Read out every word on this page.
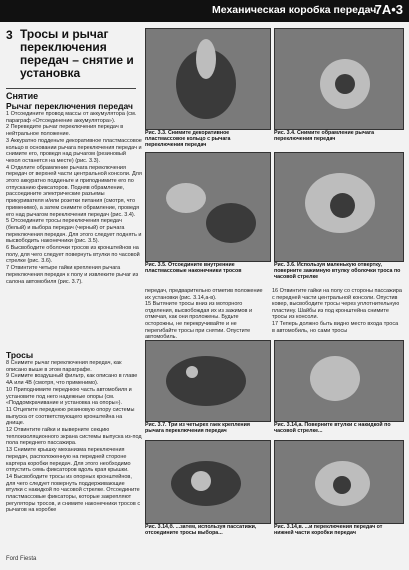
Механическая коробка передач
7А•3
3 Тросы и рычаг переключения передач – снятие и установка
Снятие
Рычаг переключения передач

1 Отсоедините провод массы от аккумулятора (см. параграф «Отсоединение аккумулятора»).

2 Переведите рычаг переключения передач в нейтральное положение.

3 Аккуратно подденьте декоративное пластмассовое кольцо в основании рычага переключения передач и снимите его, проведя над рычагом (резиновый чехол останется на месте) (рис. 3.3).

4 Отделите обрамление рычага переключения передач от верхней части центральной консоли. Для этого аккуратно подденьте и приподнимите его по отпусканию фиксаторов. Подняв обрамление, рассоедините электрические разъемы прикуривателя и/или розетки питания (смотря, что применимо), а затем снимите обрамление, проведя его над рычагом переключения передач (рис. 3.4).

5 Отсоедините тросы переключения передач (белый) и выбора передач (черный) от рычага переключения передач. Для этого следует поднять и высвободить наконечники (рис. 3.5).

6 Высвободите оболочки тросов из кронштейнов на полу, для чего следует повернуть втулки по часовой стрелке (рис. 3.6).

7 Отвинтите четыре гайки крепления рычага переключения передач к полу и извлеките рычаг из салона автомобиля (рис. 3.7).

Тросы

8 Снимите рычаг переключения передач, как описано выше в этом параграфе.

9 Снимите воздушный фильтр, как описано в главе 4А или 4В (смотря, что применимо).

10 Приподнимите переднюю часть автомобиля и установите под него надежные опоры (см. «Поддомкрачивание и установка на опоры»).

11 Отцепите переднюю резиновую опору системы выпуска от соответствующего кронштейна на днище.

12 Отвинтите гайки и выверните секцию теплоизоляционного экрана системы выпуска из-под пола переднего пассажира.

13 Снимите крышку механизма переключения передач, расположенную на передней стороне картера коробки передач. Для этого необходимо отпустить семь фиксаторов вдоль края крышки.

14 Высвободите тросы из опорных кронштейнов, для чего следует повернуть поддерживающие втулки с накидкой по часовой стрелке. Отсоедините пластмассовые фиксаторы, которые закрепляют регуляторы тросов, и снимите наконечники тросов с рычагов на коробке

Рис. 3.3. Снимите декоративное пластмассовое кольцо с рычага переключения передач
Рис. 3.5. Отсоедините внутренние пластмассовые наконечники тросов
Рис. 3.4. Снимите обрамление рычага переключения передач
Рис. 3.6. Используя маленькую отвертку, поверните зажимную втулку оболочки троса по часовой стрелке
передач, предварительно отметив положение их установки (рис. 3.14,а-в).
15 Вытяните тросы вниз из моторного отделения, высвобождая их из зажимов и отмечая, как они проложены. Будьте осторожны, не перекручивайте и не перегибайте тросы при снятии. Опустите автомобиль.
16 Отвинтите гайки на полу со стороны пассажира с передней части центральной консоли. Опустив ковер, высвободите тросы через уплотнительную пластину. Шайбы из под кронштейна снимите тросы из консоли.
17 Теперь должно быть видно место входа троса в автомобиль, но сами тросы
Рис. 3.7. Три из четырех гаек крепления рычага переключения передач
Рис. 3.14,а. Поверните втулки с накидкой по часовой стрелке...
Рис. 3.14,б. ...затем, используя пассатижи, отсоедините тросы выбора...
Рис. 3.14,в. ...и переключения передач от нижней части коробки передач
Ford Fiesta
